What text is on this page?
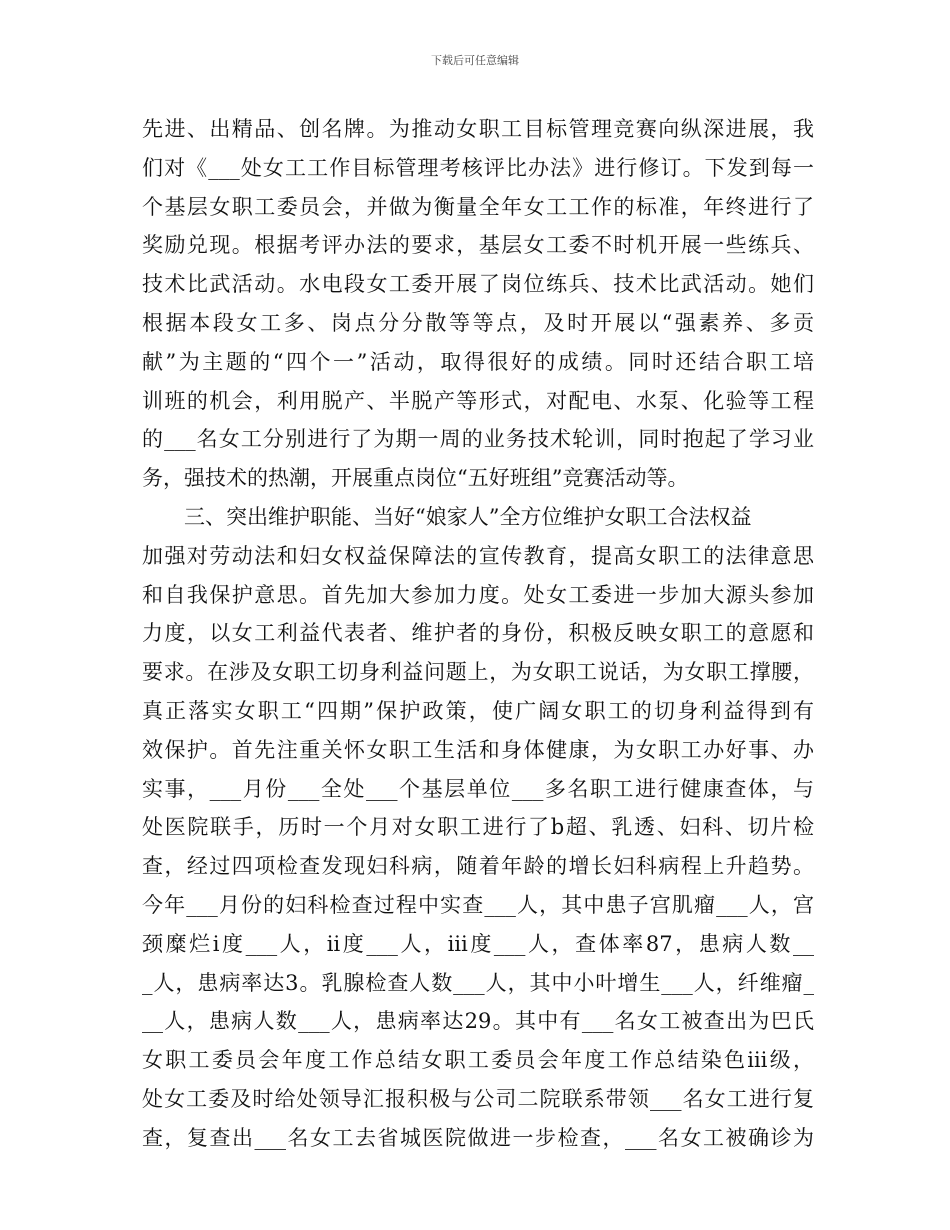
下载后可任意编辑
先进、出精品、创名牌。为推动女职工目标管理竞赛向纵深进展，我
们对《___处女工工作目标管理考核评比办法》进行修订。下发到每一
个基层女职工委员会，并做为衡量全年女工工作的标准，年终进行了
奖励兑现。根据考评办法的要求，基层女工委不时机开展一些练兵、
技术比武活动。水电段女工委开展了岗位练兵、技术比武活动。她们
根据本段女工多、岗点分分散等等点，及时开展以“强素养、多贡
献”为主题的“四个一”活动，取得很好的成绩。同时还结合职工培
训班的机会，利用脱产、半脱产等形式，对配电、水泵、化验等工程
的___名女工分别进行了为期一周的业务技术轮训，同时抱起了学习业
务，强技术的热潮，开展重点岗位“五好班组”竞赛活动等。
　　三、突出维护职能、当好“娘家人”全方位维护女职工合法权益
加强对劳动法和妇女权益保障法的宣传教育，提高女职工的法律意思
和自我保护意思。首先加大参加力度。处女工委进一步加大源头参加
力度，以女工利益代表者、维护者的身份，积极反映女职工的意愿和
要求。在涉及女职工切身利益问题上，为女职工说话，为女职工撑腰，
真正落实女职工“四期”保护政策，使广阔女职工的切身利益得到有
效保护。首先注重关怀女职工生活和身体健康，为女职工办好事、办
实事，___月份___全处___个基层单位___多名职工进行健康查体，与
处医院联手，历时一个月对女职工进行了b超、乳透、妇科、切片检
查，经过四项检查发现妇科病，随着年龄的增长妇科病程上升趋势。
今年___月份的妇科检查过程中实查___人，其中患子宫肌瘤___人，宫
颈糜烂ⅰ度___人，ⅱ度___人，ⅲ度___人，查体率87，患病人数__
_人，患病率达3。乳腺检查人数___人，其中小叶增生___人，纤维瘤_
__人，患病人数___人，患病率达29。其中有___名女工被查出为巴氏
女职工委员会年度工作总结女职工委员会年度工作总结染色ⅲ级，
处女工委及时给处领导汇报积极与公司二院联系带领___名女工进行复
查，复查出___名女工去省城医院做进一步检查，___名女工被确诊为
